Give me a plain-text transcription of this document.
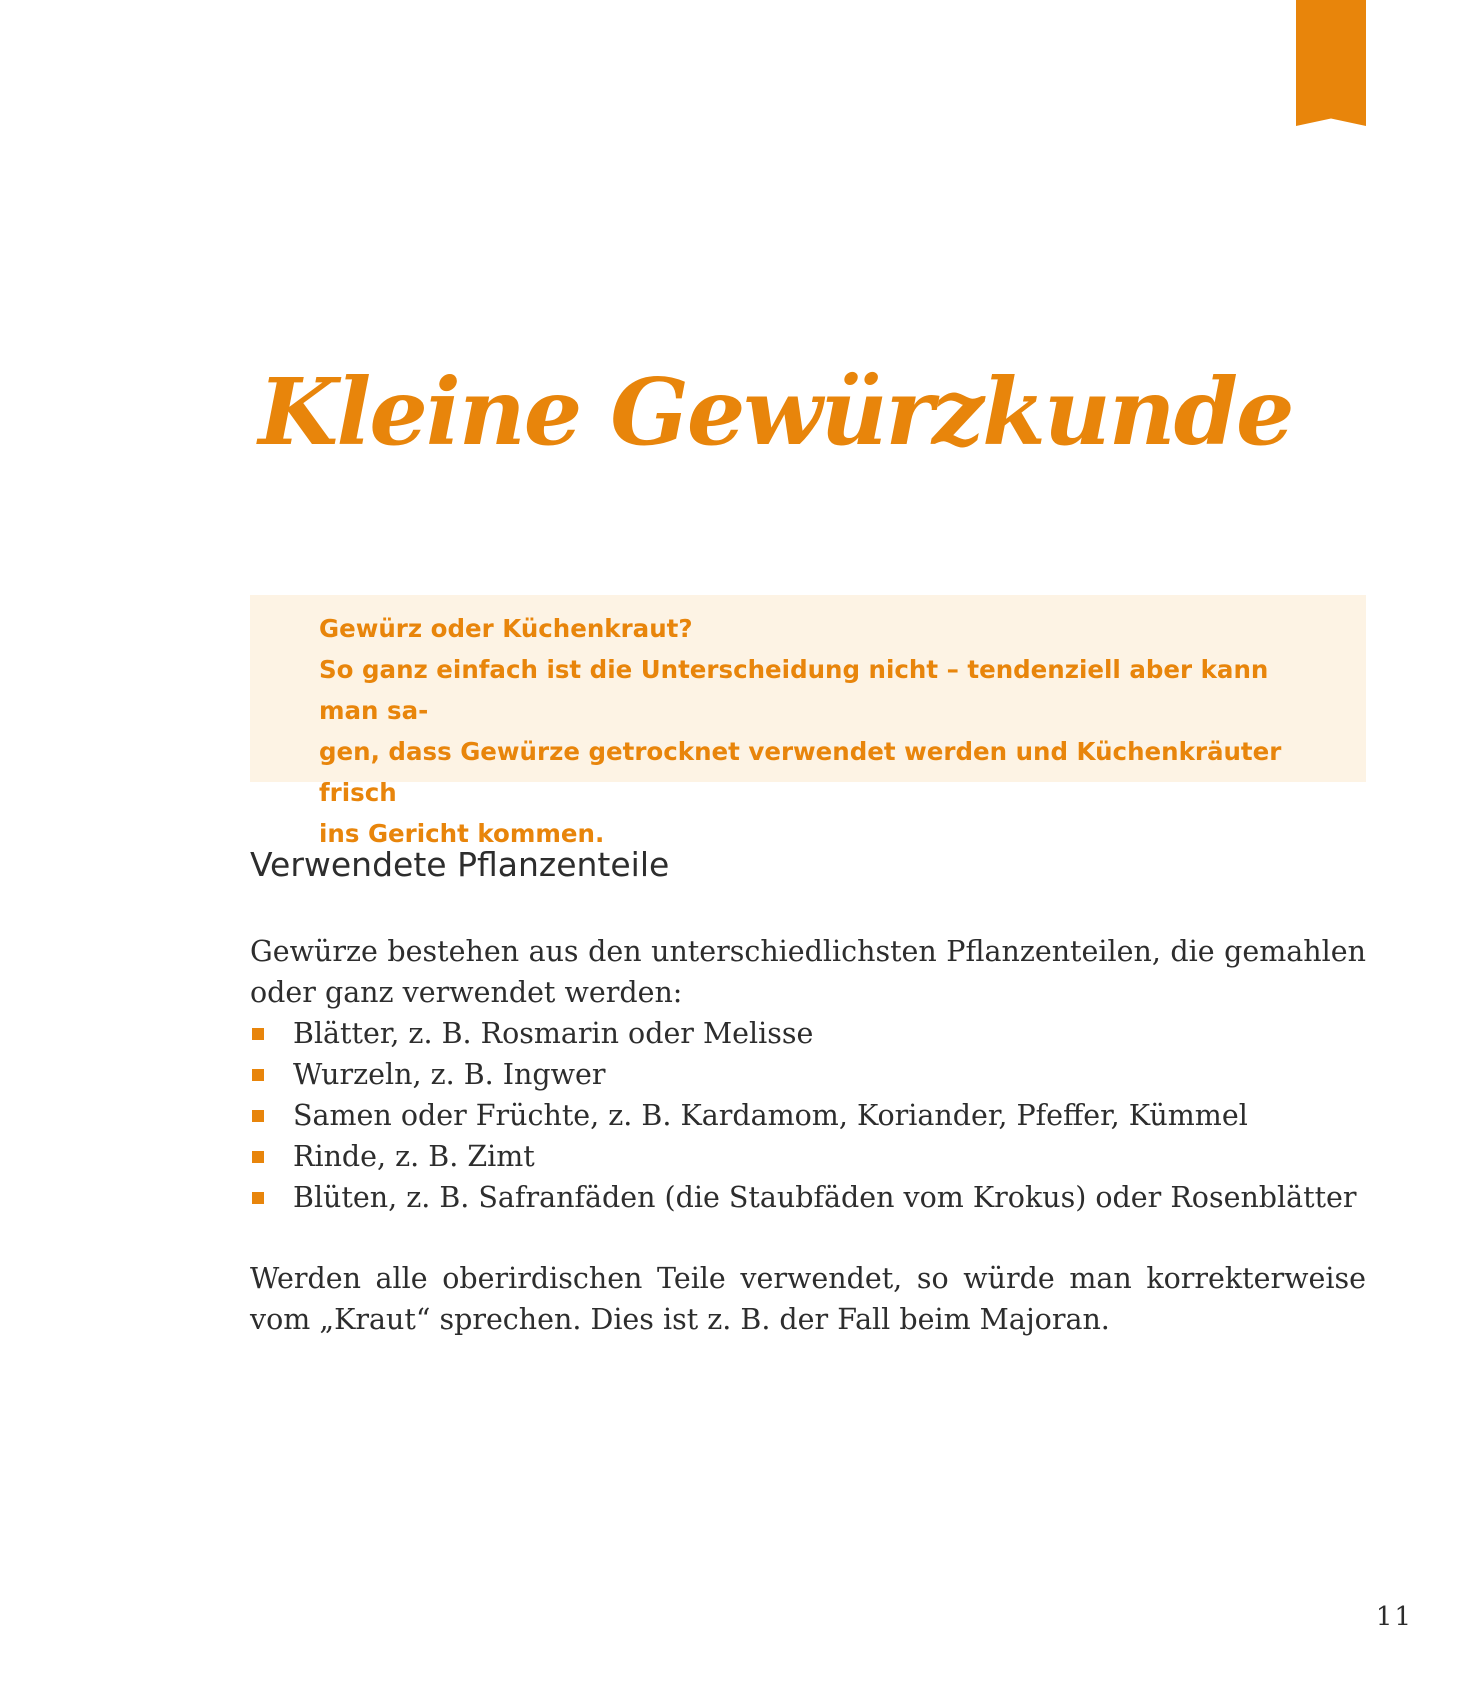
Kleine Gewürzkunde

Gewürz oder Küchenkraut?

So ganz einfach ist die Unterscheidung nicht – tendenziell aber kann man sa-

gen, dass Gewürze getrocknet verwendet werden und Küchenkräuter frisch

ins Gericht kommen.

Verwendete Pflanzenteile

Gewürze bestehen aus den unterschiedlichsten Pflanzenteilen, die gemahlen oder ganz verwendet werden:

Blätter, z. B. Rosmarin oder Melisse
Wurzeln, z. B. Ingwer
Samen oder Früchte, z. B. Kardamom, Koriander, Pfeffer, Kümmel
Rinde, z. B. Zimt
Blüten, z. B. Safranfäden (die Staubfäden vom Krokus) oder Rosenblätter

Werden alle oberirdischen Teile verwendet, so würde man korrekterweise vom „Kraut“ sprechen. Dies ist z. B. der Fall beim Majoran.

11
